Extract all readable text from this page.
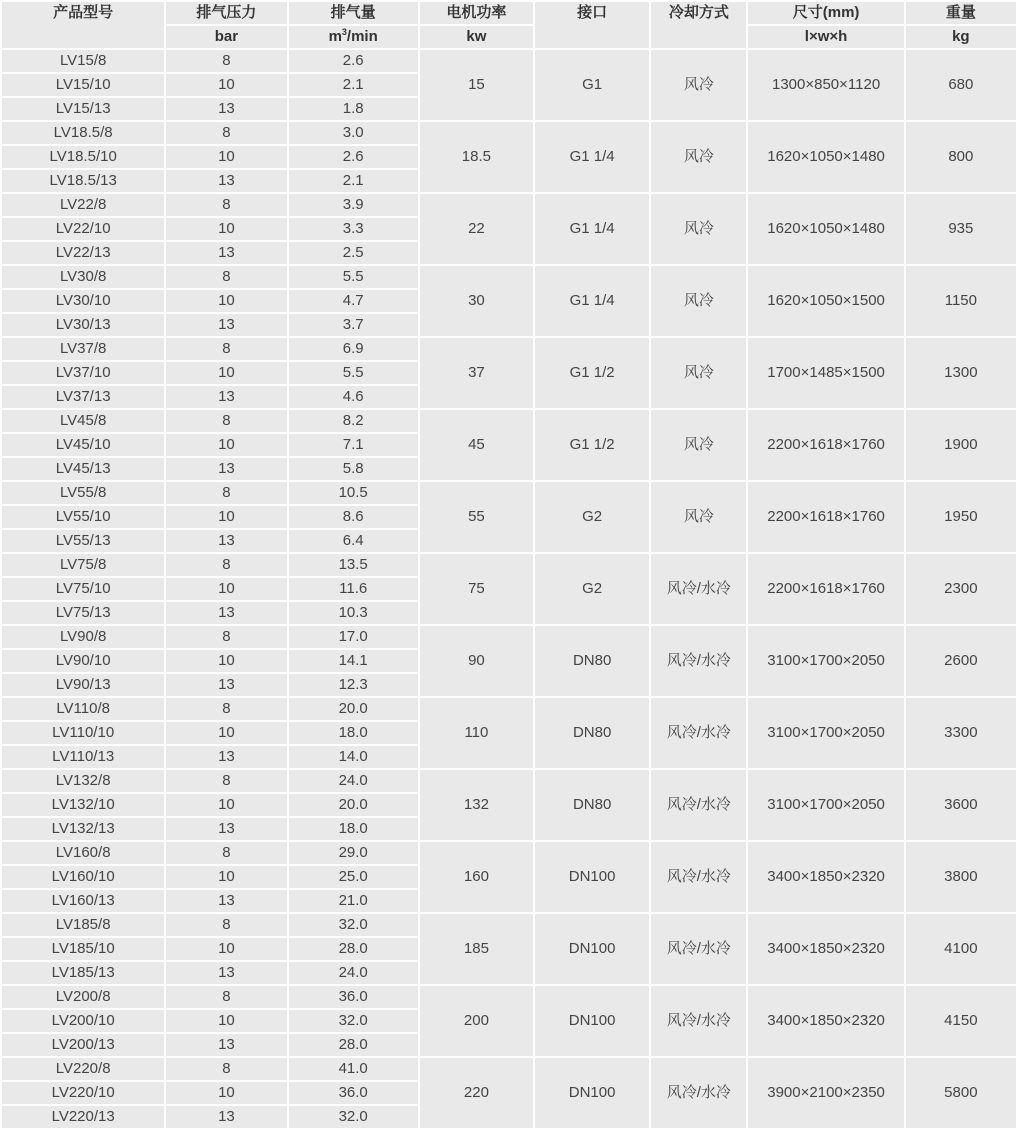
产品型号	排气压力	排气量	电机功率	接口	冷却方式	尺寸(mm)	重量
	bar	$m^3/\min$	kw			l×w×h	kg
LV15/8	8	2.6	15	G1	风冷	1300×850×1120	680
LV15/10	10	2.1					
LV15/13	13	1.8					
LV18.5/8	8	3.0	18.5	G1 1/4	风冷	1620×1050×1480	800
LV18.5/10	10	2.6					
LV18.5/13	13	2.1					
LV22/8	8	3.9	22	G1 1/4	风冷	1620×1050×1480	935
LV22/10	10	3.3					
LV22/13	13	2.5					
LV30/8	8	5.5	30	G1 1/4	风冷	1620×1050×1500	1150
LV30/10	10	4.7					
LV30/13	13	3.7					
LV37/8	8	6.9	37	G1 1/2	风冷	1700×1485×1500	1300
LV37/10	10	5.5					
LV37/13	13	4.6					
LV45/8	8	8.2	45	G1 1/2	风冷	2200×1618×1760	1900
LV45/10	10	7.1					
LV45/13	13	5.8					
LV55/8	8	10.5	55	G2	风冷	2200×1618×1760	1950
LV55/10	10	8.6					
LV55/13	13	6.4					
LV75/8	8	13.5	75	G2	风冷/水冷	2200×1618×1760	2300
LV75/10	10	11.6					
LV75/13	13	10.3					
LV90/8	8	17.0	90	DN80	风冷/水冷	3100×1700×2050	2600
LV90/10	10	14.1					
LV90/13	13	12.3					
LV110/8	8	20.0	110	DN80	风冷/水冷	3100×1700×2050	3300
LV110/10	10	18.0					
LV110/13	13	14.0					
LV132/8	8	24.0	132	DN80	风冷/水冷	3100×1700×2050	3600
LV132/10	10	20.0					
LV132/13	13	18.0					
LV160/8	8	29.0	160	DN100	风冷/水冷	3400×1850×2320	3800
LV160/10	10	25.0					
LV160/13	13	21.0					
LV185/8	8	32.0	185	DN100	风冷/水冷	3400×1850×2320	4100
LV185/10	10	28.0					
LV185/13	13	24.0					
LV200/8	8	36.0	200	DN100	风冷/水冷	3400×1850×2320	4150
LV200/10	10	32.0					
LV200/13	13	28.0					
LV220/8	8	41.0	220	DN100	风冷/水冷	3900×2100×2350	5800
LV220/10	10	36.0					
LV220/13	13	32.0					
